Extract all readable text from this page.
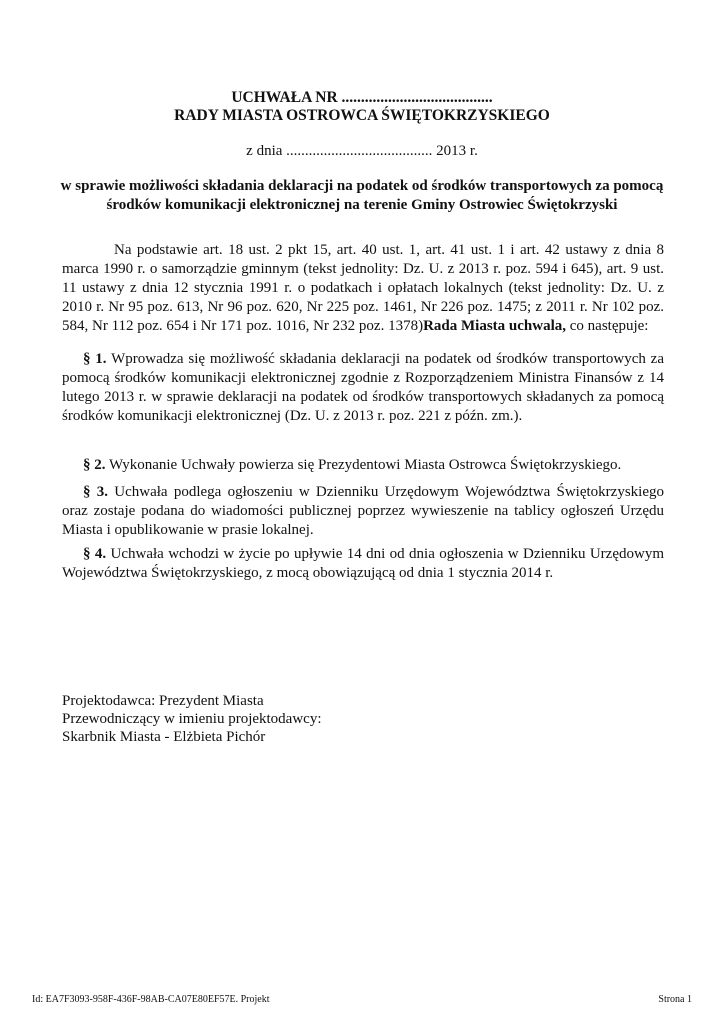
UCHWAŁA NR .......................................
RADY MIASTA OSTROWCA ŚWIĘTOKRZYSKIEGO
z dnia ....................................... 2013 r.
w sprawie możliwości składania deklaracji na podatek od środków transportowych za pomocą środków komunikacji elektronicznej na terenie Gminy Ostrowiec Świętokrzyski
Na podstawie art. 18 ust. 2 pkt 15, art. 40 ust. 1, art. 41 ust. 1 i art. 42 ustawy z dnia 8 marca 1990 r. o samorządzie gminnym (tekst jednolity: Dz. U. z 2013 r. poz. 594 i 645), art. 9 ust. 11 ustawy z dnia 12 stycznia 1991 r. o podatkach i opłatach lokalnych (tekst jednolity: Dz. U. z 2010 r. Nr 95 poz. 613, Nr 96 poz. 620, Nr 225 poz. 1461, Nr 226 poz. 1475; z 2011 r. Nr 102 poz. 584, Nr 112 poz. 654 i Nr 171 poz. 1016, Nr 232 poz. 1378)Rada Miasta uchwala, co następuje:
§ 1. Wprowadza się możliwość składania deklaracji na podatek od środków transportowych za pomocą środków komunikacji elektronicznej zgodnie z Rozporządzeniem Ministra Finansów z 14 lutego 2013 r. w sprawie deklaracji na podatek od środków transportowych składanych za pomocą środków komunikacji elektronicznej (Dz. U. z 2013 r. poz. 221 z późn. zm.).
§ 2. Wykonanie Uchwały powierza się Prezydentowi Miasta Ostrowca Świętokrzyskiego.
§ 3. Uchwała podlega ogłoszeniu w Dzienniku Urzędowym Województwa Świętokrzyskiego oraz zostaje podana do wiadomości publicznej poprzez wywieszenie na tablicy ogłoszeń Urzędu Miasta i opublikowanie w prasie lokalnej.
§ 4. Uchwała wchodzi w życie po upływie 14 dni od dnia ogłoszenia w Dzienniku Urzędowym Województwa Świętokrzyskiego, z mocą obowiązującą od dnia 1 stycznia 2014 r.
Projektodawca: Prezydent Miasta
Przewodniczący w imieniu projektodawcy:
Skarbnik Miasta - Elżbieta Pichór
Id: EA7F3093-958F-436F-98AB-CA07E80EF57E. Projekt	Strona 1
